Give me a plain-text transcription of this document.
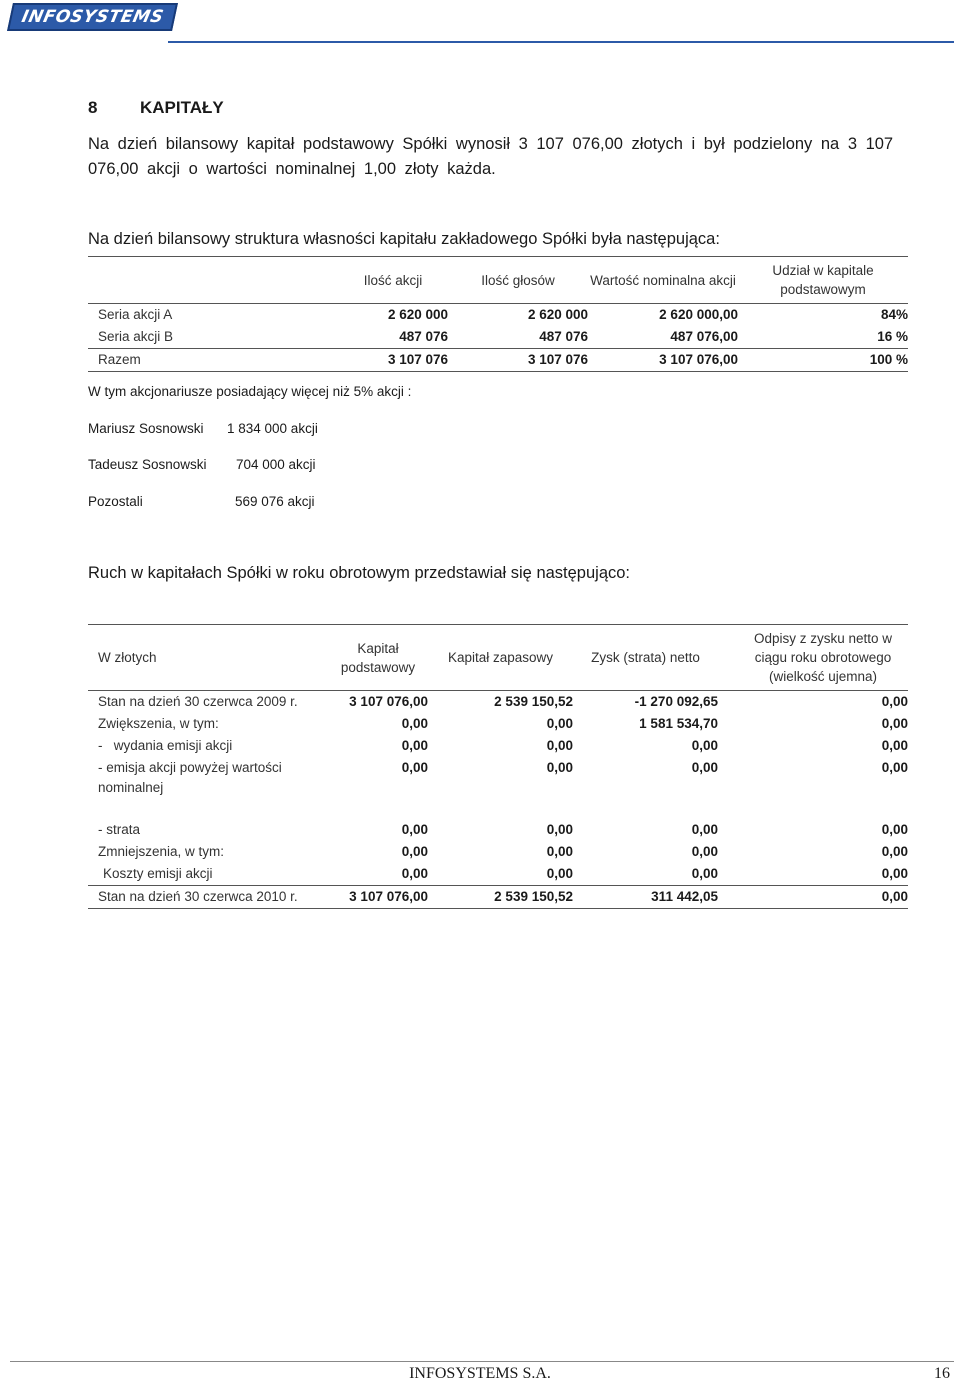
INFOSYSTEMS
8	KAPITAŁY
Na dzień bilansowy kapitał podstawowy Spółki wynosił 3 107 076,00 złotych i był podzielony na 3 107 076,00 akcji o wartości nominalnej 1,00 złoty każda.
Na dzień bilansowy struktura własności kapitału zakładowego Spółki była następująca:
	Ilość akcji	Ilość głosów	Wartość nominalna akcji	Udział w kapitale podstawowym
Seria akcji A	2 620 000	2 620 000	2 620 000,00	84%
Seria akcji B	487 076	487 076	487 076,00	16 %
Razem	3 107 076	3 107 076	3 107 076,00	100 %
W tym akcjonariusze posiadający więcej niż 5% akcji :
Mariusz Sosnowski 1 834 000 akcji
Tadeusz Sosnowski 704 000 akcji
Pozostali	569 076 akcji
Ruch w kapitałach Spółki w roku obrotowym przedstawiał się następująco:
W złotych	Kapitał podstawowy	Kapitał zapasowy	Zysk (strata) netto	Odpisy z zysku netto w ciągu roku obrotowego (wielkość ujemna)
Stan na dzień 30 czerwca 2009 r.	3 107 076,00	2 539 150,52	-1 270 092,65	0,00
Zwiększenia, w tym:	0,00	0,00	1 581 534,70	0,00
-   wydania emisji akcji	0,00	0,00	0,00	0,00
- emisja akcji powyżej wartości nominalnej	0,00	0,00	0,00	0,00

- strata	0,00	0,00	0,00	0,00
Zmniejszenia, w tym:	0,00	0,00	0,00	0,00
Koszty emisji akcji	0,00	0,00	0,00	0,00
Stan na dzień 30 czerwca 2010 r.	3 107 076,00	2 539 150,52	311 442,05	0,00
INFOSYSTEMS S.A.	16
